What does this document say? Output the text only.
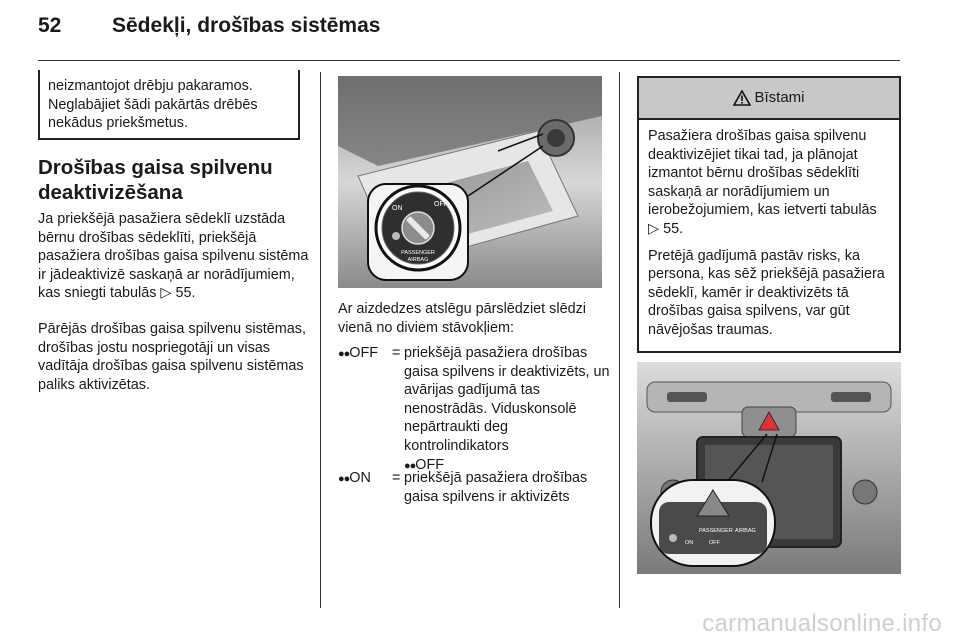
52 Sēdekļi, drošības sistēmas

neizmantojot drēbju pakaramos. Neglabājiet šādi pakārtās drēbēs nekādus priekšmetus.

Drošības gaisa spilvenu deaktivizēšana

Ja priekšējā pasažiera sēdeklī uzstāda bērnu drošības sēdeklīti, priekšējā pasažiera drošības gaisa spilvenu sistēma ir jādeaktivizē saskaņā ar norādījumiem, kas sniegti tabulās ▷ 55.

Pārējās drošības gaisa spilvenu sistēmas, drošības jostu nospriegotāji un visas vadītāja drošības gaisa spilvenu sistēmas paliks aktivizētas.

ON
OFF
PASSENGER
AIRBAG

Ar aizdedzes atslēgu pārslēdziet slēdzi vienā no diviem stāvokļiem:

●●OFF = priekšējā pasažiera drošības gaisa spilvens ir deaktivizēts, un avārijas gadījumā tas nenostrādās. Viduskonsolē nepārtraukti deg kontrolindikators
●●OFF
●●ON	= priekšējā pasažiera drošības gaisa spilvens ir aktivizēts
Bīstami

Pasažiera drošības gaisa spilvenu deaktivizējiet tikai tad, ja plānojat izmantot bērnu drošības sēdeklīti saskaņā ar norādījumiem un ierobežojumiem, kas ietverti tabulās ▷ 55.

Pretējā gadījumā pastāv risks, ka persona, kas sēž priekšējā pasažiera sēdeklī, kamēr ir deaktivizēts tā drošības gaisa spilvens, var gūt nāvējošas traumas.

PASSENGER AIRBAG
ON	OFF
carmanualsonline.info
